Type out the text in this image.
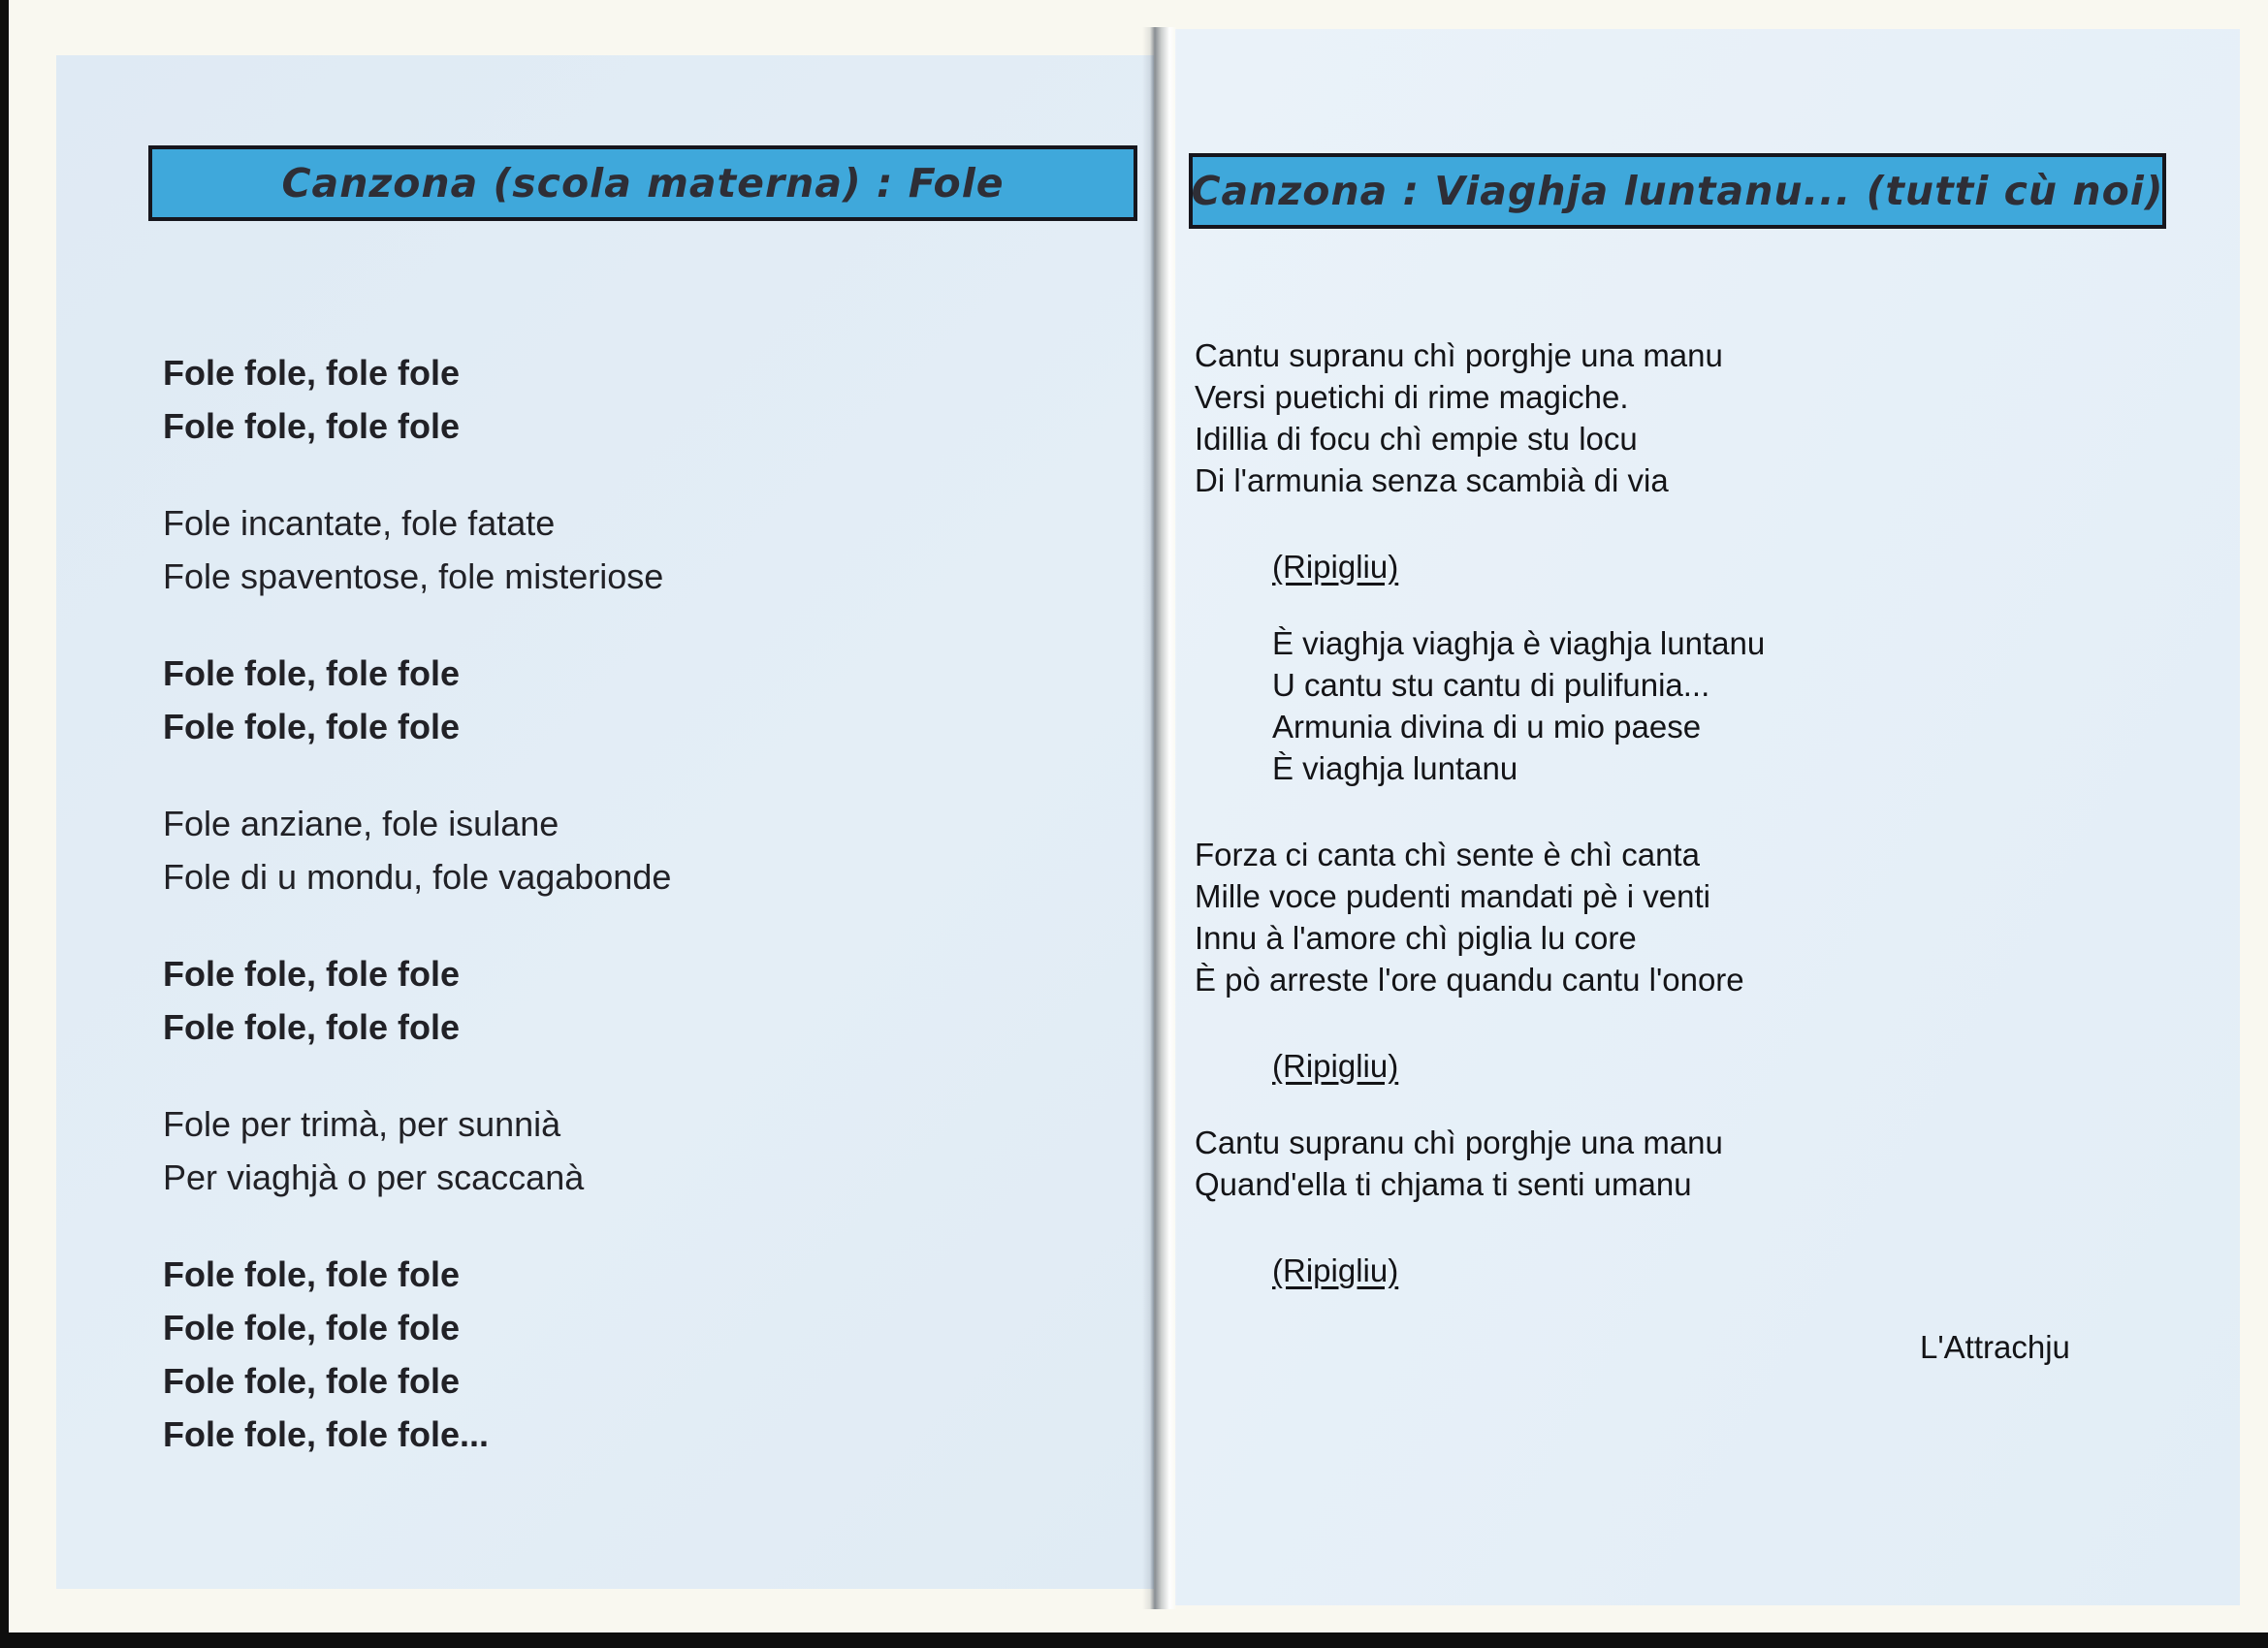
Canzona (scola materna) : Fole
Fole fole, fole fole
Fole fole, fole fole
Fole incantate, fole fatate
Fole spaventose, fole misteriose
Fole fole, fole fole
Fole fole, fole fole
Fole anziane, fole isulane
Fole di u mondu, fole vagabonde
Fole fole, fole fole
Fole fole, fole fole
Fole per trimà, per sunnià
Per viaghjà o per scaccanà
Fole fole, fole fole
Fole fole, fole fole
Fole fole, fole fole
Fole fole, fole fole...
Canzona : Viaghja luntanu... (tutti cù noi)
Cantu supranu chì porghje una manu
Versi puetichi di rime magiche.
Idillia di focu chì empie stu locu
Di l'armunia senza scambià di via
(Ripigliu)
È viaghja viaghja è viaghja luntanu
U cantu stu cantu di pulifunia...
Armunia divina di u mio paese
È viaghja luntanu
Forza ci canta chì sente è chì canta
Mille voce pudenti mandati pè i venti
Innu à l'amore chì piglia lu core
È pò arreste l'ore quandu cantu l'onore
(Ripigliu)
Cantu supranu chì porghje una manu
Quand'ella ti chjama ti senti umanu
(Ripigliu)
L'Attrachju
